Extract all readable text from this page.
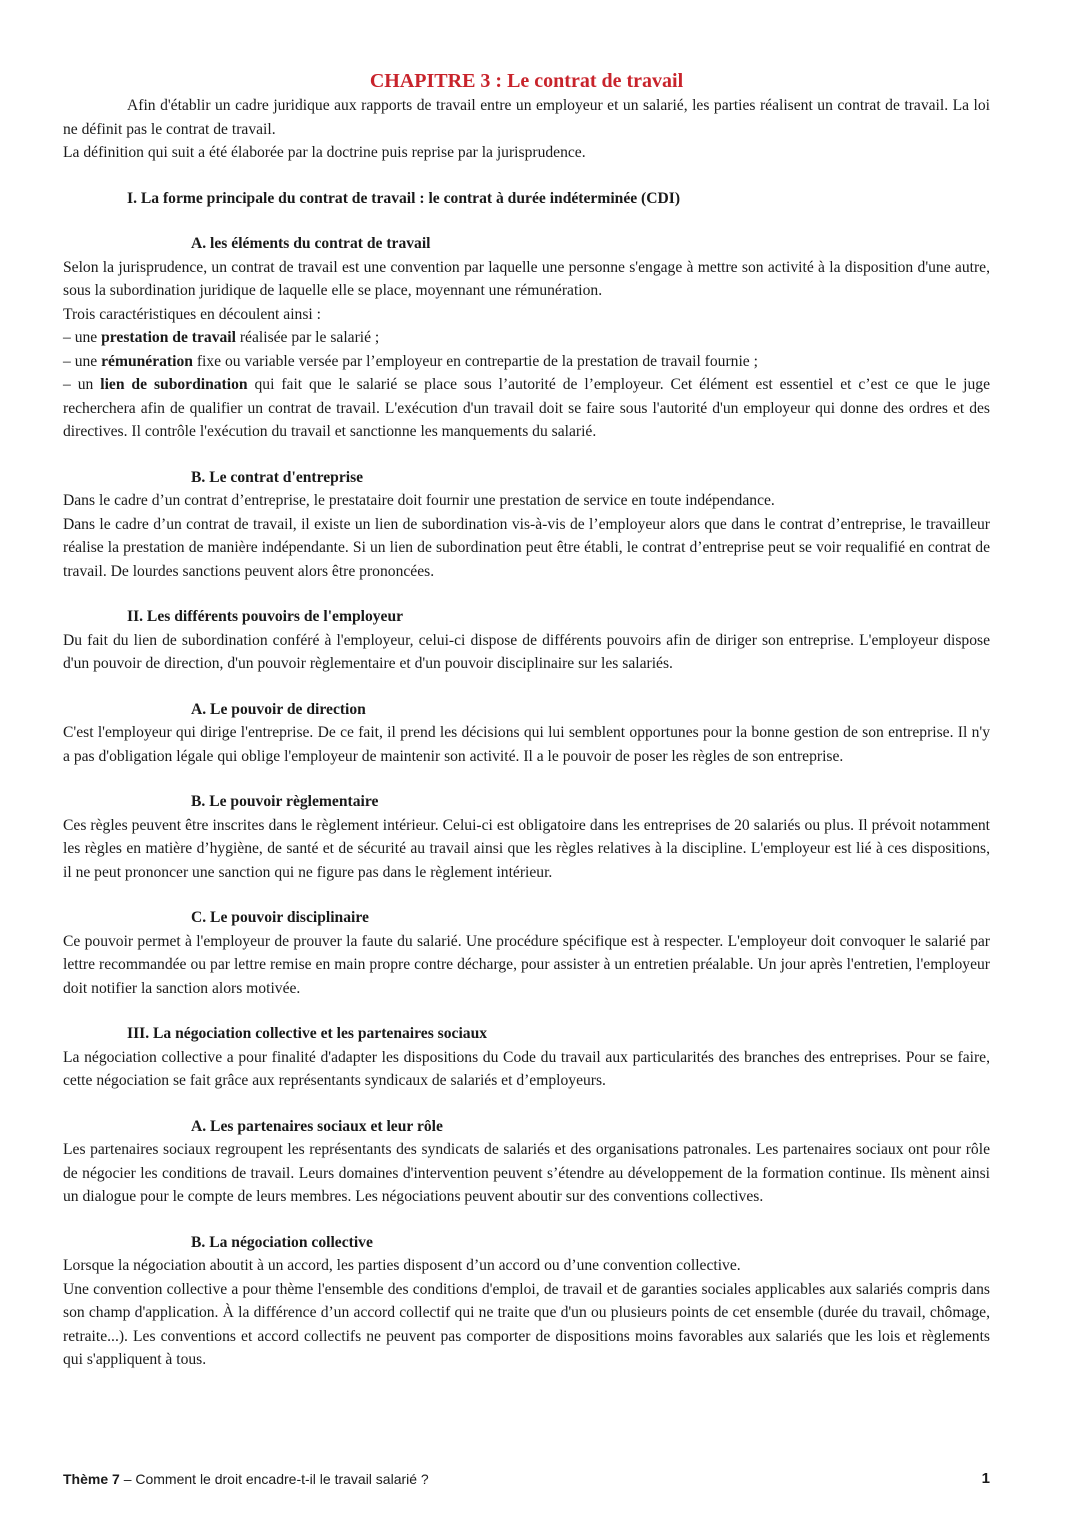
CHAPITRE 3 : Le contrat de travail

Afin d'établir un cadre juridique aux rapports de travail entre un employeur et un salarié, les parties réalisent un contrat de travail. La loi ne définit pas le contrat de travail.

La définition qui suit a été élaborée par la doctrine puis reprise par la jurisprudence.

I. La forme principale du contrat de travail : le contrat à durée indéterminée (CDI)

A. les éléments du contrat de travail

Selon la jurisprudence, un contrat de travail est une convention par laquelle une personne s'engage à mettre son activité à la disposition d'une autre, sous la subordination juridique de laquelle elle se place, moyennant une rémunération.

Trois caractéristiques en découlent ainsi :

– une prestation de travail réalisée par le salarié ;

– une rémunération fixe ou variable versée par l’employeur en contrepartie de la prestation de travail fournie ;

– un lien de subordination qui fait que le salarié se place sous l’autorité de l’employeur. Cet élément est essentiel et c’est ce que le juge recherchera afin de qualifier un contrat de travail. L'exécution d'un travail doit se faire sous l'autorité d'un employeur qui donne des ordres et des directives. Il contrôle l'exécution du travail et sanctionne les manquements du salarié.

B. Le contrat d'entreprise

Dans le cadre d’un contrat d’entreprise, le prestataire doit fournir une prestation de service en toute indépendance.

Dans le cadre d’un contrat de travail, il existe un lien de subordination vis-à-vis de l’employeur alors que dans le contrat d’entreprise, le travailleur réalise la prestation de manière indépendante. Si un lien de subordination peut être établi, le contrat d’entreprise peut se voir requalifié en contrat de travail. De lourdes sanctions peuvent alors être prononcées.

II. Les différents pouvoirs de l'employeur

Du fait du lien de subordination conféré à l'employeur, celui-ci dispose de différents pouvoirs afin de diriger son entreprise. L'employeur dispose d'un pouvoir de direction, d'un pouvoir règlementaire et d'un pouvoir disciplinaire sur les salariés.

A. Le pouvoir de direction

C'est l'employeur qui dirige l'entreprise. De ce fait, il prend les décisions qui lui semblent opportunes pour la bonne gestion de son entreprise. Il n'y a pas d'obligation légale qui oblige l'employeur de maintenir son activité. Il a le pouvoir de poser les règles de son entreprise.

B. Le pouvoir règlementaire

Ces règles peuvent être inscrites dans le règlement intérieur. Celui-ci est obligatoire dans les entreprises de 20 salariés ou plus. Il prévoit notamment les règles en matière d’hygiène, de santé et de sécurité au travail ainsi que les règles relatives à la discipline. L'employeur est lié à ces dispositions, il ne peut prononcer une sanction qui ne figure pas dans le règlement intérieur.

C. Le pouvoir disciplinaire

Ce pouvoir permet à l'employeur de prouver la faute du salarié. Une procédure spécifique est à respecter. L'employeur doit convoquer le salarié par lettre recommandée ou par lettre remise en main propre contre décharge, pour assister à un entretien préalable. Un jour après l'entretien, l'employeur doit notifier la sanction alors motivée.

III. La négociation collective et les partenaires sociaux

La négociation collective a pour finalité d'adapter les dispositions du Code du travail aux particularités des branches des entreprises. Pour se faire, cette négociation se fait grâce aux représentants syndicaux de salariés et d’employeurs.

A. Les partenaires sociaux et leur rôle

Les partenaires sociaux regroupent les représentants des syndicats de salariés et des organisations patronales. Les partenaires sociaux ont pour rôle de négocier les conditions de travail. Leurs domaines d'intervention peuvent s’étendre au développement de la formation continue. Ils mènent ainsi un dialogue pour le compte de leurs membres. Les négociations peuvent aboutir sur des conventions collectives.

B. La négociation collective

Lorsque la négociation aboutit à un accord, les parties disposent d’un accord ou d’une convention collective.

Une convention collective a pour thème l'ensemble des conditions d'emploi, de travail et de garanties sociales applicables aux salariés compris dans son champ d'application. À la différence d’un accord collectif qui ne traite que d'un ou plusieurs points de cet ensemble (durée du travail, chômage, retraite...). Les conventions et accord collectifs ne peuvent pas comporter de dispositions moins favorables aux salariés que les lois et règlements qui s'appliquent à tous.

Thème 7 – Comment le droit encadre-t-il le travail salarié ?	1
